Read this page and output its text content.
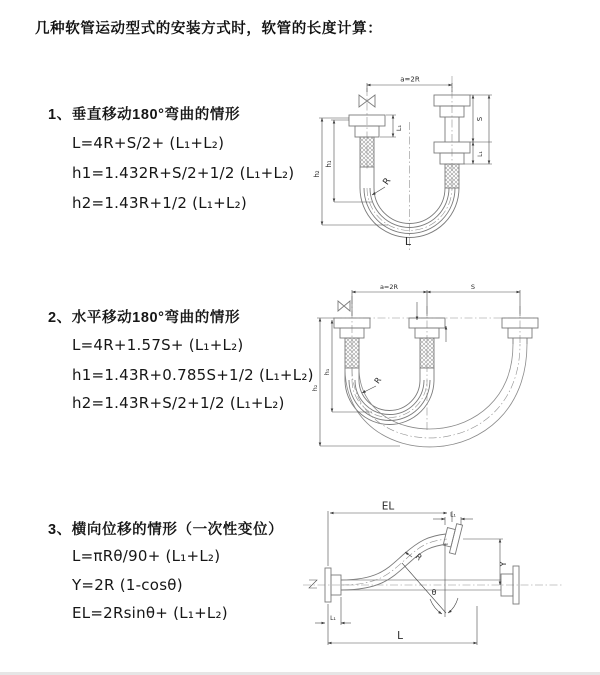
几种软管运动型式的安装方式时，软管的长度计算：
1、垂直移动180°弯曲的情形
L=4R+S/2+ (L₁+L₂)
h1=1.432R+S/2+1/2 (L₁+L₂)
h2=1.43R+1/2 (L₁+L₂)
2、水平移动180°弯曲的情形
L=4R+1.57S+ (L₁+L₂)
h1=1.43R+0.785S+1/2 (L₁+L₂)
h2=1.43R+S/2+1/2 (L₁+L₂)
3、横向位移的情形（一次性变位）
L=πRθ/90+ (L₁+L₂)
Y=2R (1-cosθ)
EL=2Rsinθ+ (L₁+L₂)
a=2R
L₁
S
L₁
h₂
h₁
R
L
a=2R	S
h₂
h₁
R
θ
R
EL
L₁
Y
L
L₁
